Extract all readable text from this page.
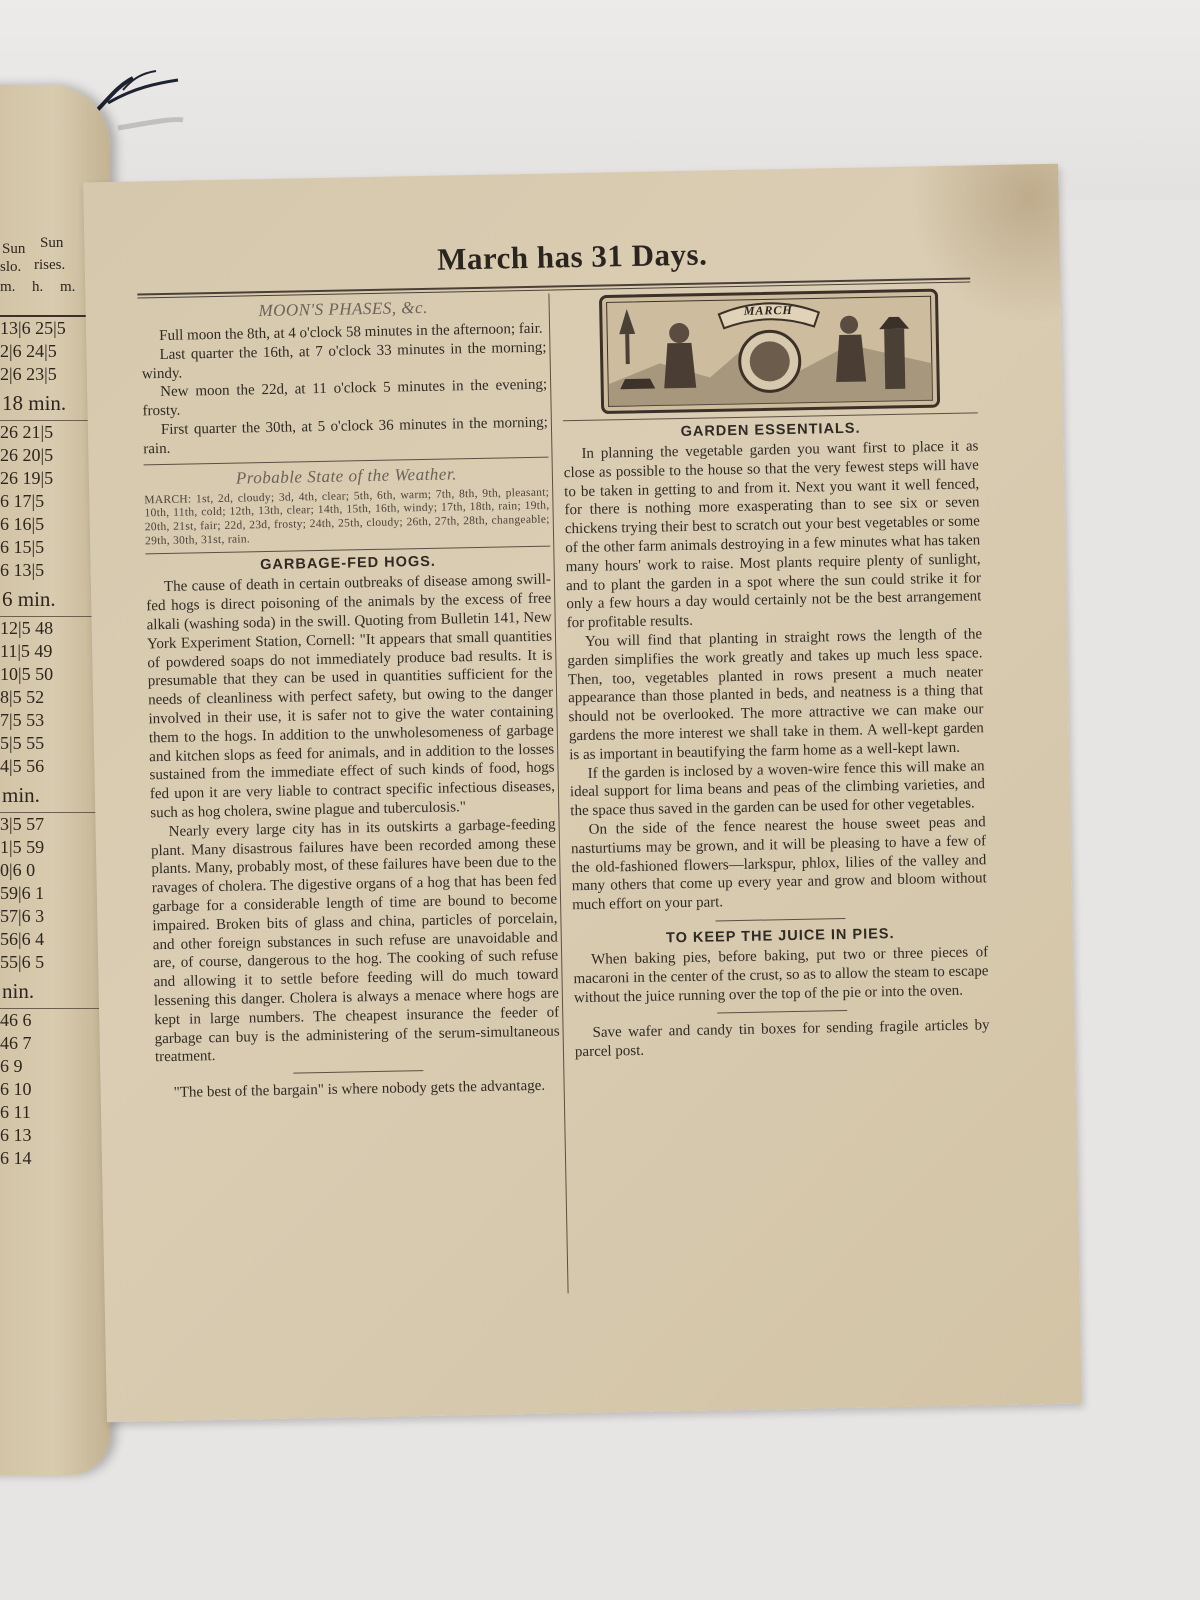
Sun
slo.
m.
Sun
rises.
h. m.
13|6 25|5
2|6 24|5
2|6 23|5
18 min.
26 21|5
26 20|5
26 19|5
6 17|5
6 16|5
6 15|5
6 13|5
6 min.
12|5 48
11|5 49
10|5 50
8|5 52
7|5 53
5|5 55
4|5 56
min.
3|5 57
1|5 59
0|6 0
59|6 1
57|6 3
56|6 4
55|6 5
nin.
46 6
46 7
6 9
6 10
6 11
6 13
6 14
March has 31 Days.
MOON'S PHASES, &c.

Full moon the 8th, at 4 o'clock 58 minutes in the afternoon; fair.

Last quarter the 16th, at 7 o'clock 33 minutes in the morning; windy.

New moon the 22d, at 11 o'clock 5 minutes in the evening; frosty.

First quarter the 30th, at 5 o'clock 36 minutes in the morning; rain.

Probable State of the Weather.

MARCH: 1st, 2d, cloudy; 3d, 4th, clear; 5th, 6th, warm; 7th, 8th, 9th, pleasant; 10th, 11th, cold; 12th, 13th, clear; 14th, 15th, 16th, windy; 17th, 18th, rain; 19th, 20th, 21st, fair; 22d, 23d, frosty; 24th, 25th, cloudy; 26th, 27th, 28th, changeable; 29th, 30th, 31st, rain.

GARBAGE-FED HOGS.

The cause of death in certain outbreaks of disease among swill-fed hogs is direct poisoning of the animals by the excess of free alkali (washing soda) in the swill. Quoting from Bulletin 141, New York Experiment Station, Cornell: "It appears that small quantities of powdered soaps do not immediately produce bad results. It is presumable that they can be used in quantities sufficient for the needs of cleanliness with perfect safety, but owing to the danger involved in their use, it is safer not to give the water containing them to the hogs. In addition to the unwholesomeness of garbage and kitchen slops as feed for animals, and in addition to the losses sustained from the immediate effect of such kinds of food, hogs fed upon it are very liable to contract specific infectious diseases, such as hog cholera, swine plague and tuberculosis."

Nearly every large city has in its outskirts a garbage-feeding plant. Many disastrous failures have been recorded among these plants. Many, probably most, of these failures have been due to the ravages of cholera. The digestive organs of a hog that has been fed garbage for a considerable length of time are bound to become impaired. Broken bits of glass and china, particles of porcelain, and other foreign substances in such refuse are unavoidable and are, of course, dangerous to the hog. The cooking of such refuse and allowing it to settle before feeding will do much toward lessening this danger. Cholera is always a menace where hogs are kept in large numbers. The cheapest insurance the feeder of garbage can buy is the administering of the serum-simultaneous treatment.

"The best of the bargain" is where nobody gets the advantage.

MARCH
GARDEN ESSENTIALS.

In planning the vegetable garden you want first to place it as close as possible to the house so that the very fewest steps will have to be taken in getting to and from it. Next you want it well fenced, for there is nothing more exasperating than to see six or seven chickens trying their best to scratch out your best vegetables or some of the other farm animals destroying in a few minutes what has taken many hours' work to raise. Most plants require plenty of sunlight, and to plant the garden in a spot where the sun could strike it for only a few hours a day would certainly not be the best arrangement for profitable results.

You will find that planting in straight rows the length of the garden simplifies the work greatly and takes up much less space. Then, too, vegetables planted in rows present a much neater appearance than those planted in beds, and neatness is a thing that should not be overlooked. The more attractive we can make our gardens the more interest we shall take in them. A well-kept garden is as important in beautifying the farm home as a well-kept lawn.

If the garden is inclosed by a woven-wire fence this will make an ideal support for lima beans and peas of the climbing varieties, and the space thus saved in the garden can be used for other vegetables.

On the side of the fence nearest the house sweet peas and nasturtiums may be grown, and it will be pleasing to have a few of the old-fashioned flowers—larkspur, phlox, lilies of the valley and many others that come up every year and grow and bloom without much effort on your part.

TO KEEP THE JUICE IN PIES.

When baking pies, before baking, put two or three pieces of macaroni in the center of the crust, so as to allow the steam to escape without the juice running over the top of the pie or into the oven.

Save wafer and candy tin boxes for sending fragile articles by parcel post.
